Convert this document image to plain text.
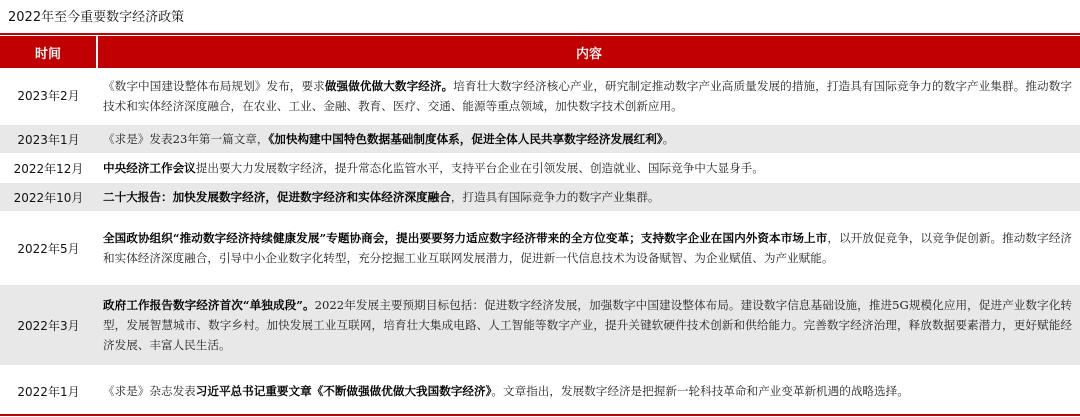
2022年至今重要数字经济政策
时间	内容
2023年2月	《数字中国建设整体布局规划》发布，要求做强做优做大数字经济。培育壮大数字经济核心产业，研究制定推动数字产业高质量发展的措施，打造具有国际竞争力的数字产业集群。推动数字技术和实体经济深度融合，在农业、工业、金融、教育、医疗、交通、能源等重点领域，加快数字技术创新应用。
2023年1月	《求是》发表23年第一篇文章，《加快构建中国特色数据基础制度体系，促进全体人民共享数字经济发展红利》。
2022年12月	中央经济工作会议提出要大力发展数字经济，提升常态化监管水平，支持平台企业在引领发展、创造就业、国际竞争中大显身手。
2022年10月	二十大报告：加快发展数字经济，促进数字经济和实体经济深度融合，打造具有国际竞争力的数字产业集群。
2022年5月	全国政协组织“推动数字经济持续健康发展”专题协商会，提出要要努力适应数字经济带来的全方位变革；支持数字企业在国内外资本市场上市，以开放促竞争，以竞争促创新。推动数字经济和实体经济深度融合，引导中小企业数字化转型，充分挖掘工业互联网发展潜力，促进新一代信息技术为设备赋智、为企业赋值、为产业赋能。
2022年3月	政府工作报告数字经济首次“单独成段”。2022年发展主要预期目标包括：促进数字经济发展，加强数字中国建设整体布局。建设数字信息基础设施，推进5G规模化应用，促进产业数字化转型，发展智慧城市、数字乡村。加快发展工业互联网，培育壮大集成电路、人工智能等数字产业，提升关键软硬件技术创新和供给能力。完善数字经济治理，释放数据要素潜力，更好赋能经济发展、丰富人民生活。
2022年1月	《求是》杂志发表习近平总书记重要文章《不断做强做优做大我国数字经济》。文章指出，发展数字经济是把握新一轮科技革命和产业变革新机遇的战略选择。
